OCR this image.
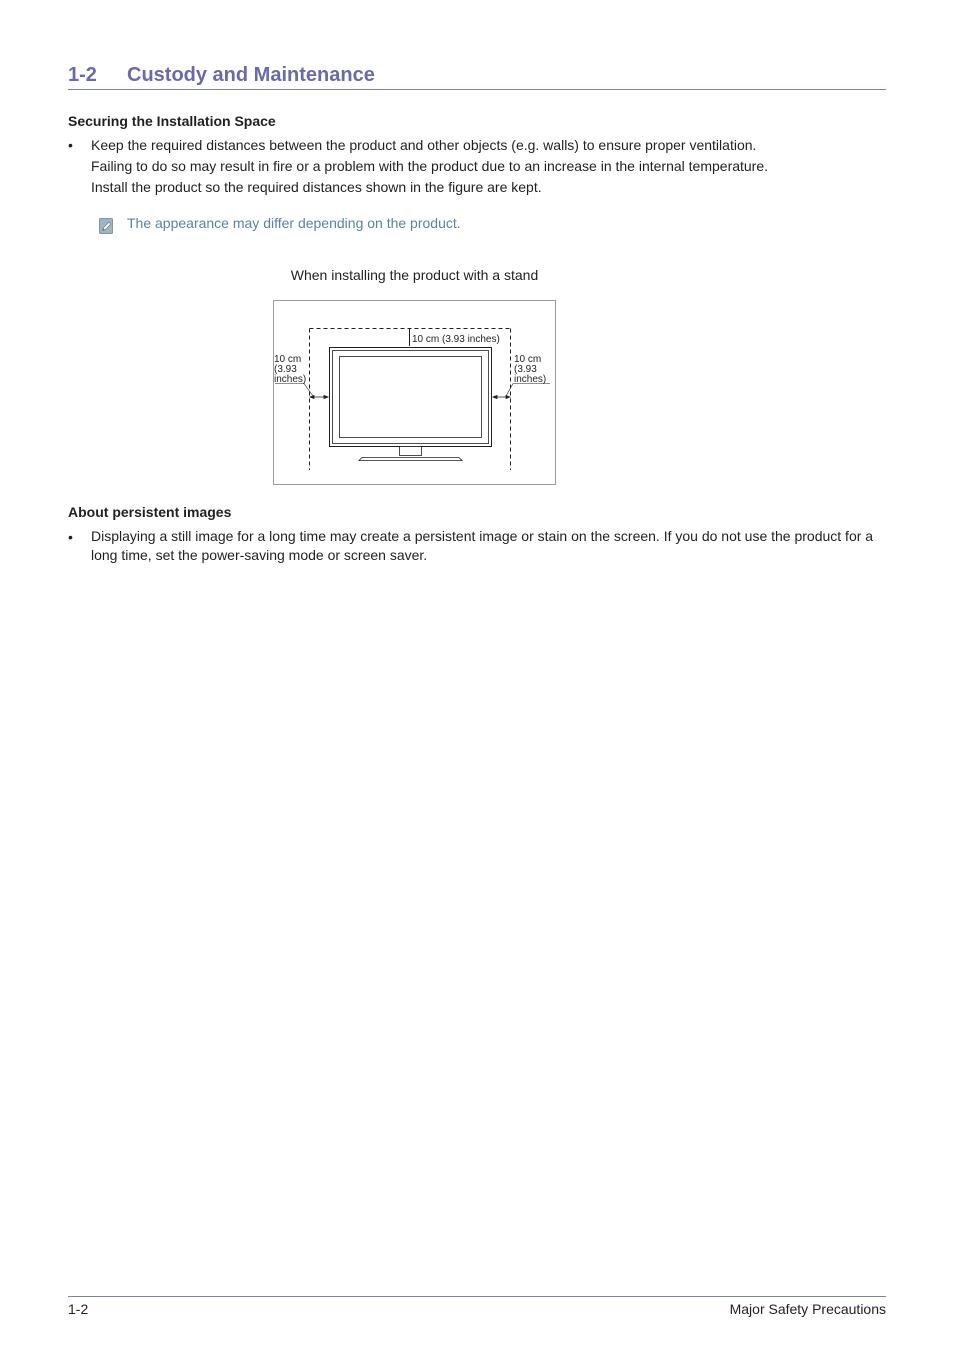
1-2 Custody and Maintenance
Securing the Installation Space
•	Keep the required distances between the product and other objects (e.g. walls) to ensure proper ventilation.
Failing to do so may result in fire or a problem with the product due to an increase in the internal temperature.
Install the product so the required distances shown in the figure are kept.
The appearance may differ depending on the product.
When installing the product with a stand
10 cm (3.93 inches)
10 cm
(3.93
inches)
10 cm
(3.93
inches)
About persistent images
•	Displaying a still image for a long time may create a persistent image or stain on the screen. If you do not use the product for a long time, set the power-saving mode or screen saver.
1-2	Major Safety Precautions
